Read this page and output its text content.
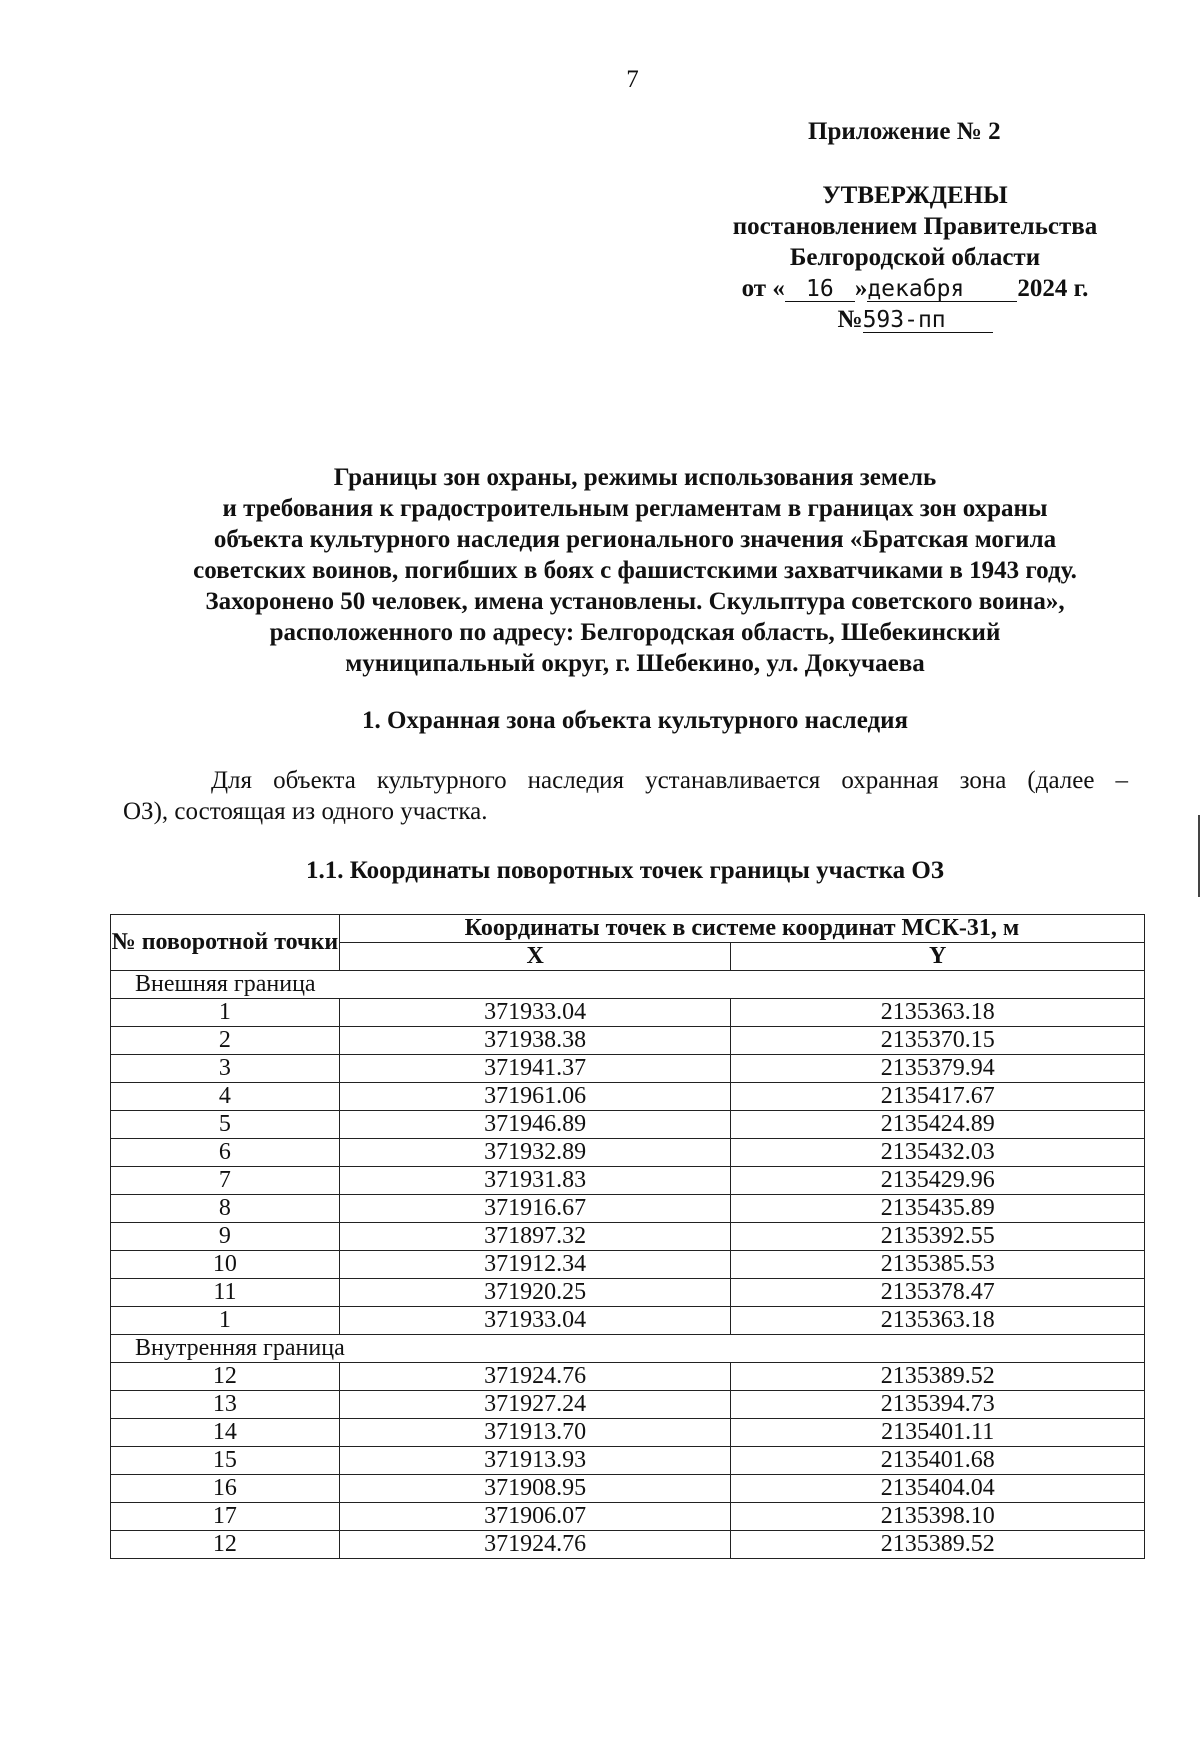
7
Приложение № 2
УТВЕРЖДЕНЫ
постановлением Правительства
Белгородской области
от « 16 »декабря 2024 г.
№593-пп
Границы зон охраны, режимы использования земель
и требования к градостроительным регламентам в границах зон охраны
объекта культурного наследия регионального значения «Братская могила
советских воинов, погибших в боях с фашистскими захватчиками в 1943 году.
Захоронено 50 человек, имена установлены. Скульптура советского воина»,
расположенного по адресу: Белгородская область, Шебекинский
муниципальный округ, г. Шебекино, ул. Докучаева
1. Охранная зона объекта культурного наследия
Для объекта культурного наследия устанавливается охранная зона (далее –
ОЗ), состоящая из одного участка.
1.1. Координаты поворотных точек границы участка ОЗ
№ поворотной точки	Координаты точек в системе координат МСК-31, м	
	X	Y
Внешняя граница		
1	371933.04	2135363.18
2	371938.38	2135370.15
3	371941.37	2135379.94
4	371961.06	2135417.67
5	371946.89	2135424.89
6	371932.89	2135432.03
7	371931.83	2135429.96
8	371916.67	2135435.89
9	371897.32	2135392.55
10	371912.34	2135385.53
11	371920.25	2135378.47
1	371933.04	2135363.18
Внутренняя граница		
12	371924.76	2135389.52
13	371927.24	2135394.73
14	371913.70	2135401.11
15	371913.93	2135401.68
16	371908.95	2135404.04
17	371906.07	2135398.10
12	371924.76	2135389.52
